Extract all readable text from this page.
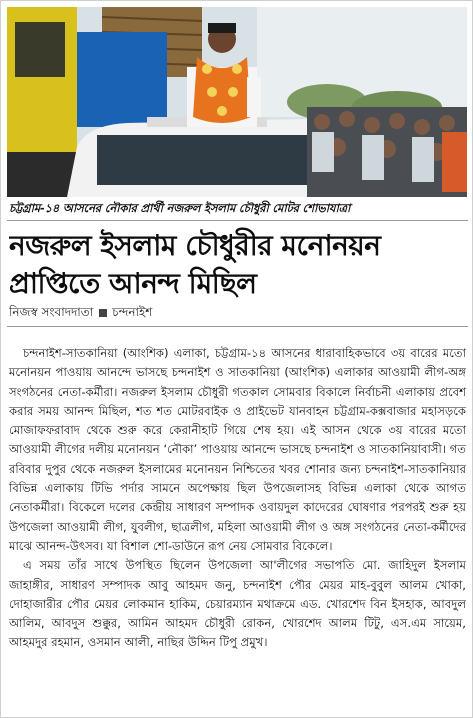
চট্টগ্রাম-১৪ আসনের নৌকার প্রার্থী নজরুল ইসলাম চৌধুরী মোটর শোভাযাত্রা
নজরুল ইসলাম চৌধুরীর মনোনয়ন
প্রাপ্তিতে আনন্দ মিছিল
নিজস্ব সংবাদদাতা চন্দনাইশ

চন্দনাইশ-সাতকানিয়া (আংশিক) এলাকা, চট্টগ্রাম-১৪ আসনের ধারাবাহিকভাবে ৩য় বারের মতো মনোনয়ন পাওয়ায় আনন্দে ভাসছে চন্দনাইশ ও সাতকানিয়া (আংশিক) এলাকার আওয়ামী লীগ-অঙ্গ সংগঠনের নেতা-কর্মীরা। নজরুল ইসলাম চৌধুরী গতকাল সোমবার বিকালে নির্বাচনী এলাকায় প্রবেশ করার সময় আনন্দ মিছিল, শত শত মোটরবাইক ও প্রাইভেট যানবাহন চট্টগ্রাম-কক্সবাজার মহাসড়কে মোজাফফরাবাদ থেকে শুরু করে কেরানীহাট গিয়ে শেষ হয়। এই আসন থেকে ৩য় বারের মতো আওয়ামী লীগের দলীয় মনোনয়ন ‘নৌকা’ পাওয়ায় আনন্দে ভাসছে চন্দনাইশ ও সাতকানিয়াবাসী। গত রবিবার দুপুর থেকে নজরুল ইসলামের মনোনয়ন নিশ্চিতের খবর শোনার জন্য চন্দনাইশ-সাতকানিয়ার বিভিন্ন এলাকায় টিভি পর্দার সামনে অপেক্ষায় ছিল উপজেলাসহ বিভিন্ন এলাকা থেকে আগত নেতাকর্মীরা। বিকেলে দলের কেন্দ্রীয় সাধারণ সম্পাদক ওবায়দুল কাদেরের ঘোষণার পরপরই শুরু হয় উপজেলা আওয়ামী লীগ, যুবলীগ, ছাত্রলীগ, মহিলা আওয়ামী লীগ ও অঙ্গ সংগঠনের নেতা-কর্মীদের মাঝে আনন্দ-উৎসব। যা বিশাল শো-ডাউনে রূপ নেয় সোমবার বিকেলে।

এ সময় তাঁর সাথে উপস্থিত ছিলেন উপজেলা আ'লীগের সভাপতি মো. জাহিদুল ইসলাম জাহাঙ্গীর, সাধারণ সম্পাদক আবু আহমদ জনু, চন্দনাইশ পৌর মেয়র মাহ-বুবুল আলম খোকা, দোহাজারীর পৌর মেয়র লোকমান হাকিম, চেয়ারম্যান মথাক্রমে এড. খোরশেদ বিন ইসহাক, আবদুল আলিম, আবদুস শুক্কুর, আমিন আহমদ চৌধুরী রোকন, খোরশেদ আলম টিটু, এস.এম সায়েম, আহমদুর রহমান, ওসমান আলী, নাছির উদ্দিন টিপু প্রমুখ।
